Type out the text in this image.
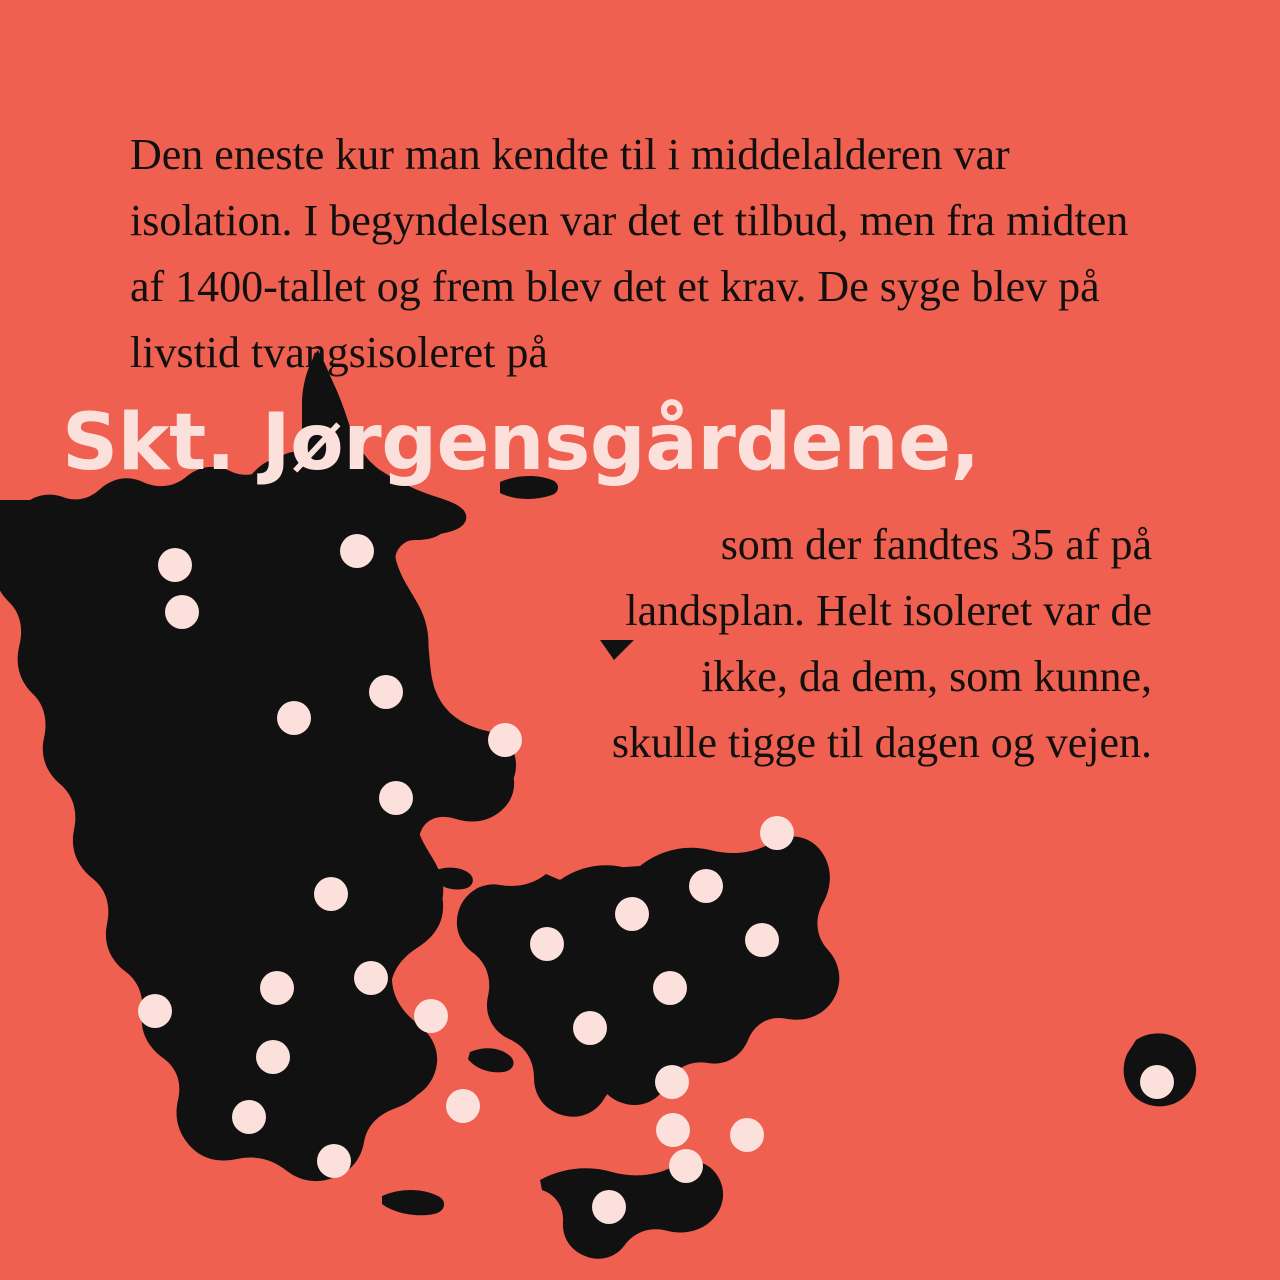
Den eneste kur man kendte til i middelalderen var isolation. I begyndelsen var det et tilbud, men fra midten af 1400-tallet og frem blev det et krav. De syge blev på livstid tvangsisoleret på

Skt. Jørgensgårdene,

som der fandtes 35 af på landsplan. Helt isoleret var de ikke, da dem, som kunne, skulle tigge til dagen og vejen.
